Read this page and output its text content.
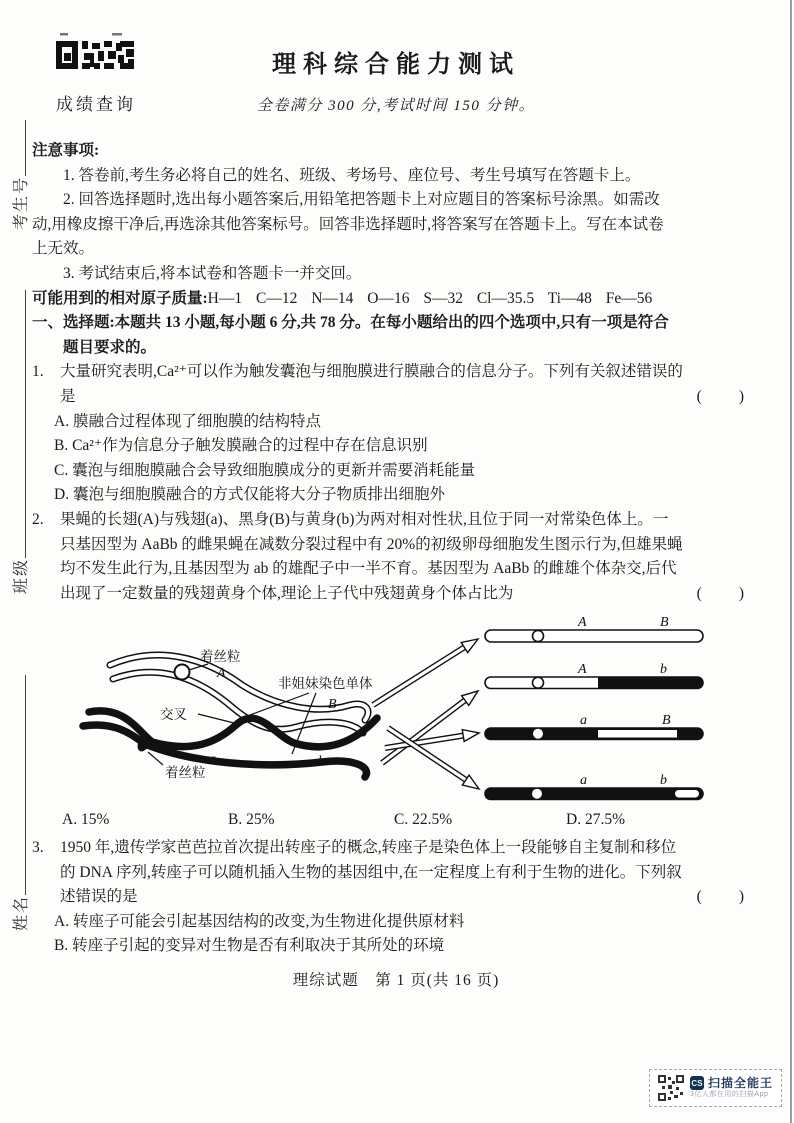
成绩查询
理科综合能力测试
全卷满分 300 分,考试时间 150 分钟。
考生号
班级
姓名
注意事项:
1. 答卷前,考生务必将自己的姓名、班级、考场号、座位号、考生号填写在答题卡上。
2. 回答选择题时,选出每小题答案后,用铅笔把答题卡上对应题目的答案标号涂黑。如需改
动,用橡皮擦干净后,再选涂其他答案标号。回答非选择题时,将答案写在答题卡上。写在本试卷
上无效。
3. 考试结束后,将本试卷和答题卡一并交回。
可能用到的相对原子质量:H—1 C—12 N—14 O—16 S—32 Cl—35.5 Ti—48 Fe—56
一、选择题:本题共 13 小题,每小题 6 分,共 78 分。在每小题给出的四个选项中,只有一项是符合
题目要求的。
1. 大量研究表明,Ca²⁺可以作为触发囊泡与细胞膜进行膜融合的信息分子。下列有关叙述错误的
是	(　　)
A. 膜融合过程体现了细胞膜的结构特点
B. Ca²⁺作为信息分子触发膜融合的过程中存在信息识别
C. 囊泡与细胞膜融合会导致细胞膜成分的更新并需要消耗能量
D. 囊泡与细胞膜融合的方式仅能将大分子物质排出细胞外
2. 果蝇的长翅(A)与残翅(a)、黑身(B)与黄身(b)为两对相对性状,且位于同一对常染色体上。一
只基因型为 AaBb 的雌果蝇在减数分裂过程中有 20%的初级卵母细胞发生图示行为,但雄果蝇
均不发生此行为,且基因型为 ab 的雄配子中一半不育。基因型为 AaBb 的雌雄个体杂交,后代
出现了一定数量的残翅黄身个体,理论上子代中残翅黄身个体占比为	(　　)
着丝粒
A
非姐妹染色单体
B
交叉
a	b
着丝粒
A	B
A	b
a	B
a	b
A. 15%	B. 25%	C. 22.5%	D. 27.5%
3. 1950 年,遗传学家芭芭拉首次提出转座子的概念,转座子是染色体上一段能够自主复制和移位
的 DNA 序列,转座子可以随机插入生物的基因组中,在一定程度上有利于生物的进化。下列叙
述错误的是	(　　)
A. 转座子可能会引起基因结构的改变,为生物进化提供原材料
B. 转座子引起的变异对生物是否有利取决于其所处的环境
理综试题　第 1 页(共 16 页)
CS 扫描全能王
3亿人都在用的扫描App
